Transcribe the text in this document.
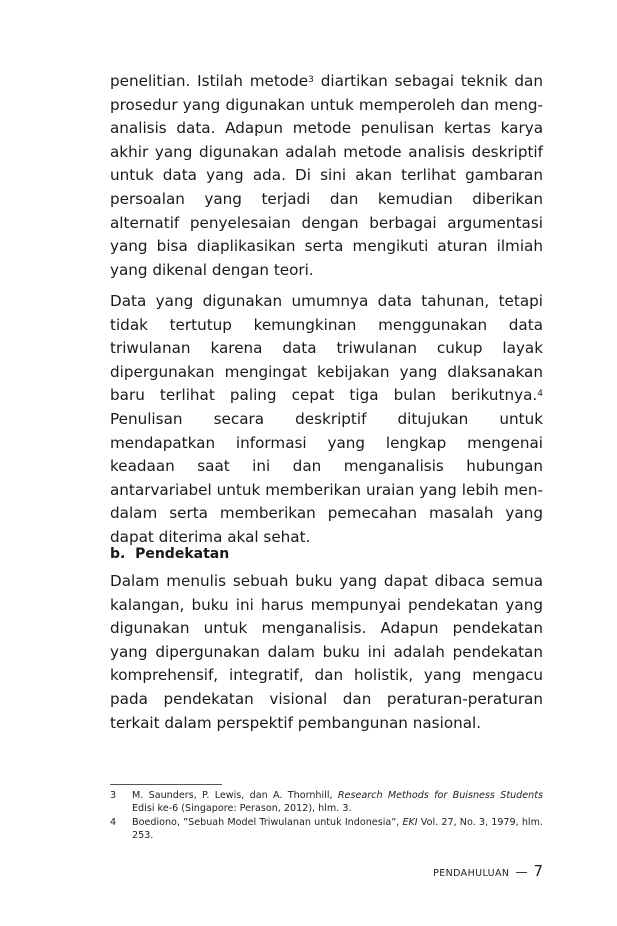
penelitian. Istilah metode$^3$ diartikan sebagai teknik dan prosedur yang digunakan untuk memperoleh dan menganalisis data. Adapun metode penulisan kertas karya akhir yang digunakan adalah metode analisis deskriptif untuk data yang ada. Di sini akan terlihat gambaran persoalan yang terjadi dan kemudian diberikan alternatif penyelesaian dengan berbagai argumentasi yang bisa diaplikasikan serta mengikuti aturan ilmiah yang dikenal dengan teori.

Data yang digunakan umumnya data tahunan, tetapi tidak tertutup kemungkinan menggunakan data triwulanan karena data triwulanan cukup layak dipergunakan mengingat kebijakan yang dlaksanakan baru terlihat paling cepat tiga bulan berikutnya.$^4$ Penulisan secara deskriptif ditujukan untuk mendapatkan informasi yang lengkap mengenai keadaan saat ini dan menganalisis hubungan antarvariabel untuk memberikan uraian yang lebih mendalam serta memberikan pemecahan masalah yang dapat diterima akal sehat.

b.  Pendekatan

Dalam menulis sebuah buku yang dapat dibaca semua kalangan, buku ini harus mempunyai pendekatan yang digunakan untuk menganalisis. Adapun pendekatan yang dipergunakan dalam buku ini adalah pendekatan komprehensif, integratif, dan holistik, yang mengacu pada pendekatan visional dan peraturan-peraturan terkait dalam perspektif pembangunan nasional.

3	M. Saunders, P. Lewis, dan A. Thornhill, Research Methods for Buisness Students Edisi ke-6 (Singapore: Perason, 2012), hlm. 3.
4	Boediono, ”Sebuah Model Triwulanan untuk Indonesia”, EKI Vol. 27, No. 3, 1979, hlm. 253.
PENDAHULUAN — 7
